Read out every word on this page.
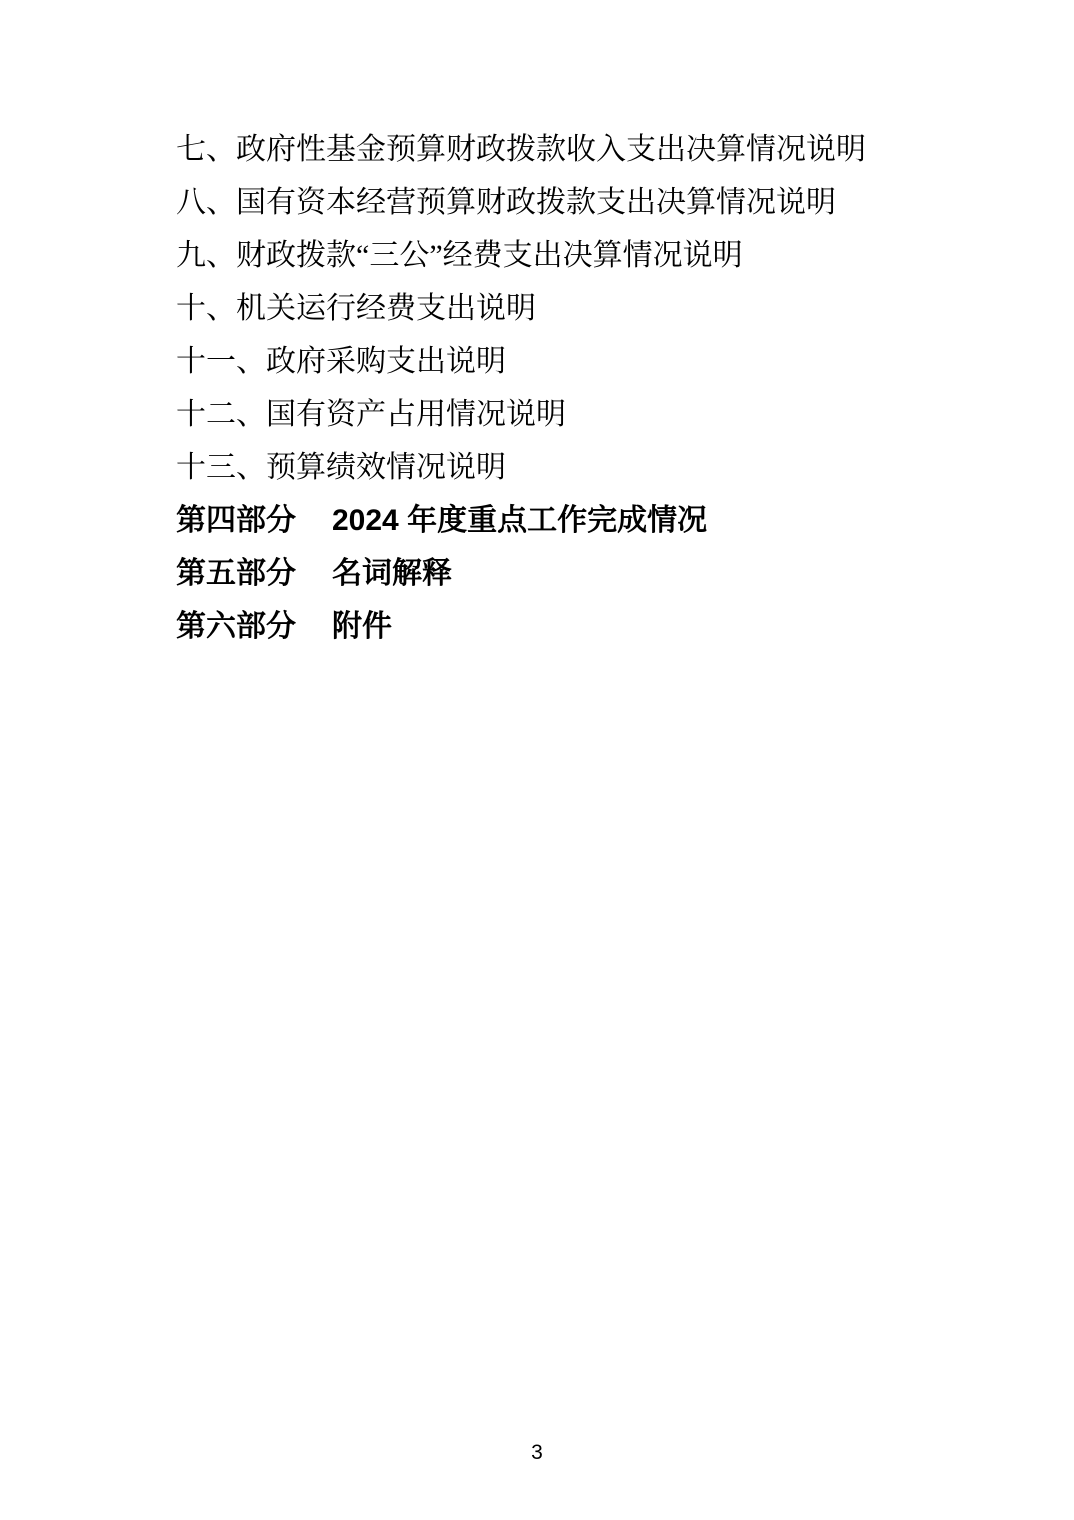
七、政府性基金预算财政拨款收入支出决算情况说明
八、国有资本经营预算财政拨款支出决算情况说明
九、财政拨款“三公”经费支出决算情况说明
十、机关运行经费支出说明
十一、政府采购支出说明
十二、国有资产占用情况说明
十三、预算绩效情况说明
第四部分 2024 年度重点工作完成情况
第五部分 名词解释
第六部分 附件
3
